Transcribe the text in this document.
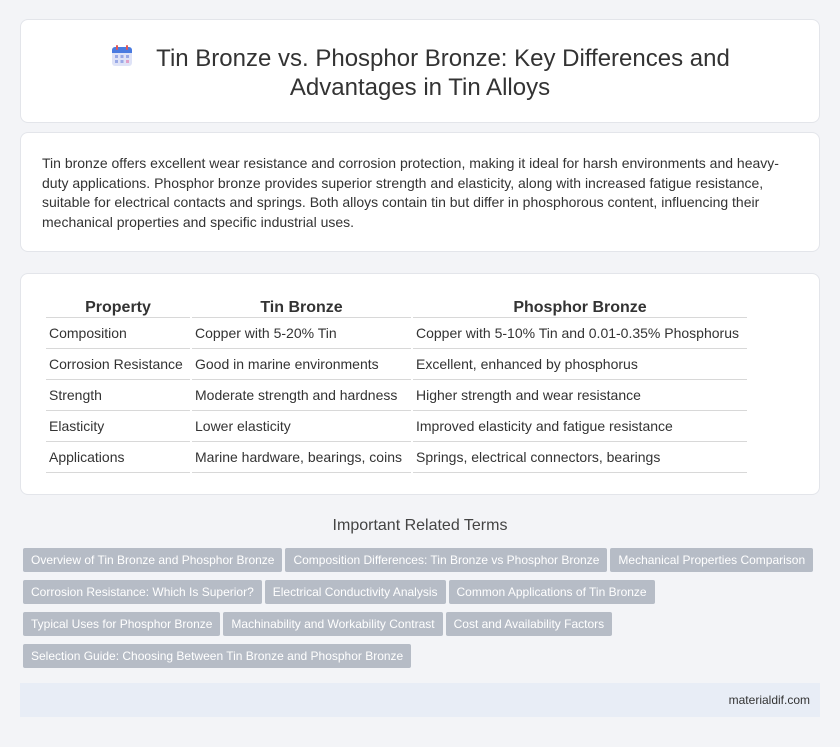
Tin Bronze vs. Phosphor Bronze: Key Differences and Advantages in Tin Alloys

Tin bronze offers excellent wear resistance and corrosion protection, making it ideal for harsh environments and heavy-duty applications. Phosphor bronze provides superior strength and elasticity, along with increased fatigue resistance, suitable for electrical contacts and springs. Both alloys contain tin but differ in phosphorous content, influencing their mechanical properties and specific industrial uses.

Property	Tin Bronze	Phosphor Bronze
Composition	Copper with 5-20% Tin	Copper with 5-10% Tin and 0.01-0.35% Phosphorus
Corrosion Resistance	Good in marine environments	Excellent, enhanced by phosphorus
Strength	Moderate strength and hardness	Higher strength and wear resistance
Elasticity	Lower elasticity	Improved elasticity and fatigue resistance
Applications	Marine hardware, bearings, coins	Springs, electrical connectors, bearings
Important Related Terms
Overview of Tin Bronze and Phosphor Bronze Composition Differences: Tin Bronze vs Phosphor Bronze Mechanical Properties Comparison
Corrosion Resistance: Which Is Superior? Electrical Conductivity Analysis Common Applications of Tin Bronze
Typical Uses for Phosphor Bronze Machinability and Workability Contrast Cost and Availability Factors
Selection Guide: Choosing Between Tin Bronze and Phosphor Bronze
materialdif.com
